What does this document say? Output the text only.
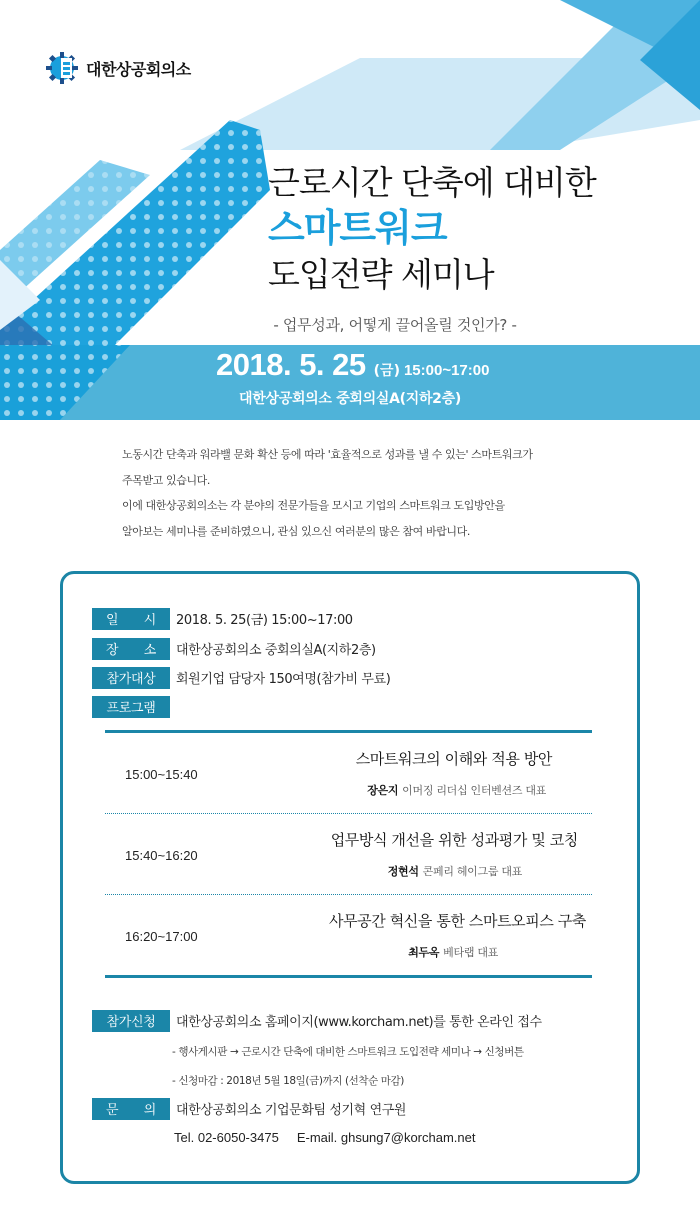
대한상공회의소
근로시간 단축에 대비한
스마트워크
도입전략 세미나
- 업무성과, 어떻게 끌어올릴 것인가? -
2018. 5. 25 (금) 15:00~17:00
대한상공회의소 중회의실A(지하2층)

노동시간 단축과 워라밸 문화 확산 등에 따라 '효율적으로 성과를 낼 수 있는' 스마트워크가

주목받고 있습니다.

이에 대한상공회의소는 각 분야의 전문가들을 모시고 기업의 스마트워크 도입방안을

알아보는 세미나를 준비하였으니, 관심 있으신 여러분의 많은 참여 바랍니다.

일 시 2018. 5. 25(금) 15:00~17:00
장 소 대한상공회의소 중회의실A(지하2층)
참가대상	회원기업 담당자 150여명(참가비 무료)
프로그램
15:00~15:40
스마트워크의 이해와 적용 방안
장은지 이머징 리더십 인터벤션즈 대표
15:40~16:20
업무방식 개선을 위한 성과평가 및 코칭
정현석 콘페리 헤이그룹 대표
16:20~17:00
사무공간 혁신을 통한 스마트오피스 구축
최두옥 베타랩 대표
참가신청	대한상공회의소 홈페이지(www.korcham.net)를 통한 온라인 접수
- 행사게시판 → 근로시간 단축에 대비한 스마트워크 도입전략 세미나 → 신청버튼
- 신청마감 : 2018년 5월 18일(금)까지 (선착순 마감)
문 의 대한상공회의소 기업문화팀 성기혁 연구원
Tel. 02-6050-3475 E-mail. ghsung7@korcham.net
